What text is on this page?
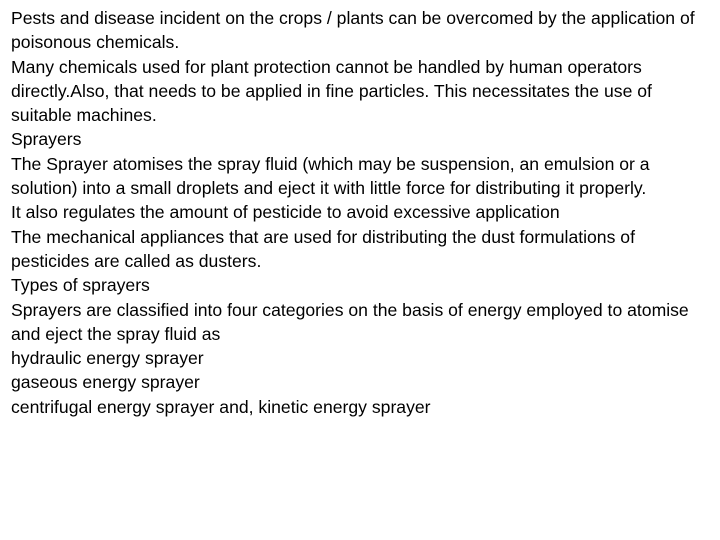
Pests and disease incident on the crops / plants can be overcomed by the application of poisonous chemicals.

Many chemicals used for plant protection cannot be handled by human operators directly.Also, that needs to be applied in fine particles. This necessitates the use of suitable machines.

Sprayers

The Sprayer atomises the spray fluid (which may be suspension, an emulsion or a solution) into a small droplets and eject it with little force for distributing it properly.

It also regulates the amount of pesticide to avoid excessive application

The mechanical appliances that are used for distributing the dust formulations of pesticides are called as dusters.

Types of sprayers

Sprayers are classified into four categories on the basis of energy employed to atomise and eject the spray fluid as

hydraulic energy sprayer

gaseous energy sprayer

centrifugal energy sprayer and, kinetic energy sprayer
